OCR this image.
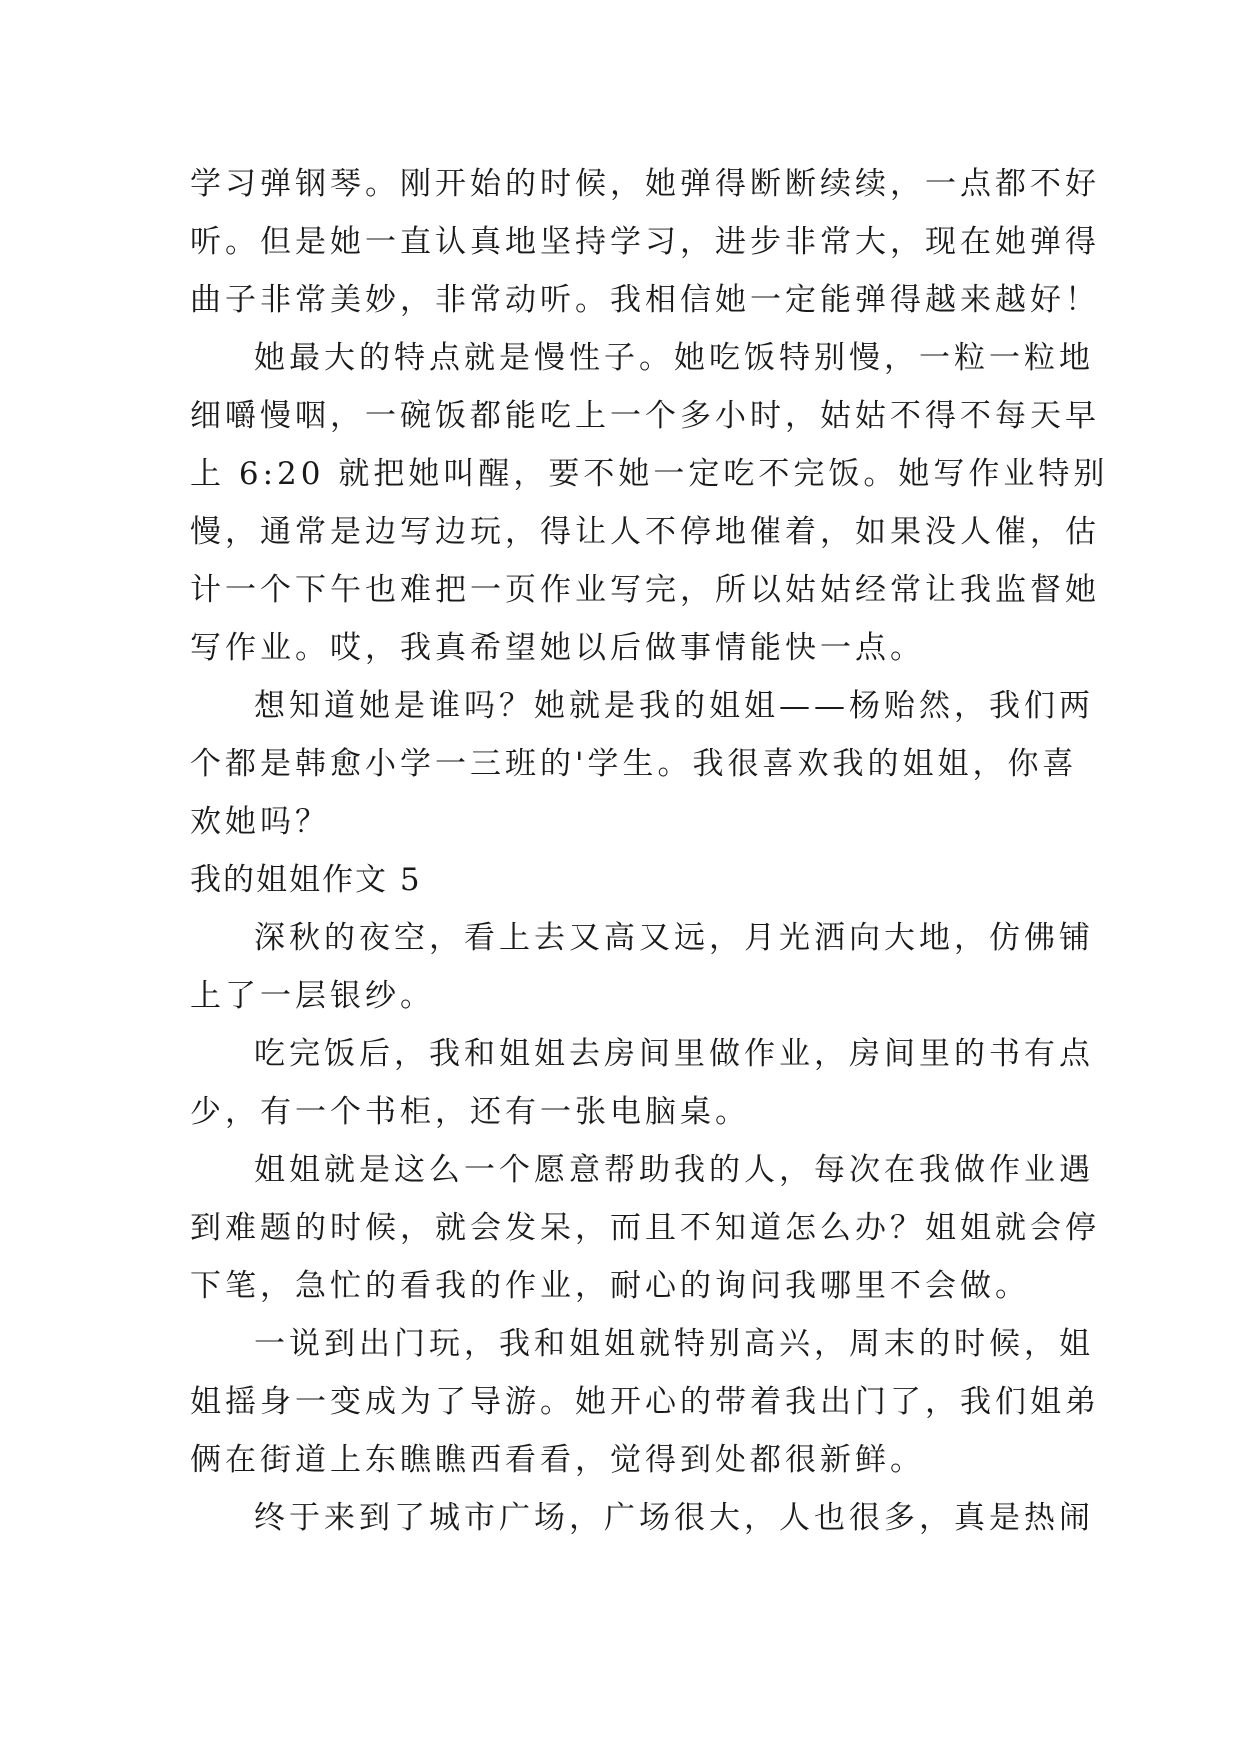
学习弹钢琴。刚开始的时候，她弹得断断续续，一点都不好
听。但是她一直认真地坚持学习，进步非常大，现在她弹得
曲子非常美妙，非常动听。我相信她一定能弹得越来越好！
她最大的特点就是慢性子。她吃饭特别慢，一粒一粒地
细嚼慢咽，一碗饭都能吃上一个多小时，姑姑不得不每天早
上 6:20 就把她叫醒，要不她一定吃不完饭。她写作业特别
慢，通常是边写边玩，得让人不停地催着，如果没人催，估
计一个下午也难把一页作业写完，所以姑姑经常让我监督她
写作业。哎，我真希望她以后做事情能快一点。
想知道她是谁吗？她就是我的姐姐——杨贻然，我们两
个都是韩愈小学一三班的'学生。我很喜欢我的姐姐，你喜
欢她吗？
我的姐姐作文 5
深秋的夜空，看上去又高又远，月光洒向大地，仿佛铺
上了一层银纱。
吃完饭后，我和姐姐去房间里做作业，房间里的书有点
少，有一个书柜，还有一张电脑桌。
姐姐就是这么一个愿意帮助我的人，每次在我做作业遇
到难题的时候，就会发呆，而且不知道怎么办？姐姐就会停
下笔，急忙的看我的作业，耐心的询问我哪里不会做。
一说到出门玩，我和姐姐就特别高兴，周末的时候，姐
姐摇身一变成为了导游。她开心的带着我出门了，我们姐弟
俩在街道上东瞧瞧西看看，觉得到处都很新鲜。
终于来到了城市广场，广场很大，人也很多，真是热闹
